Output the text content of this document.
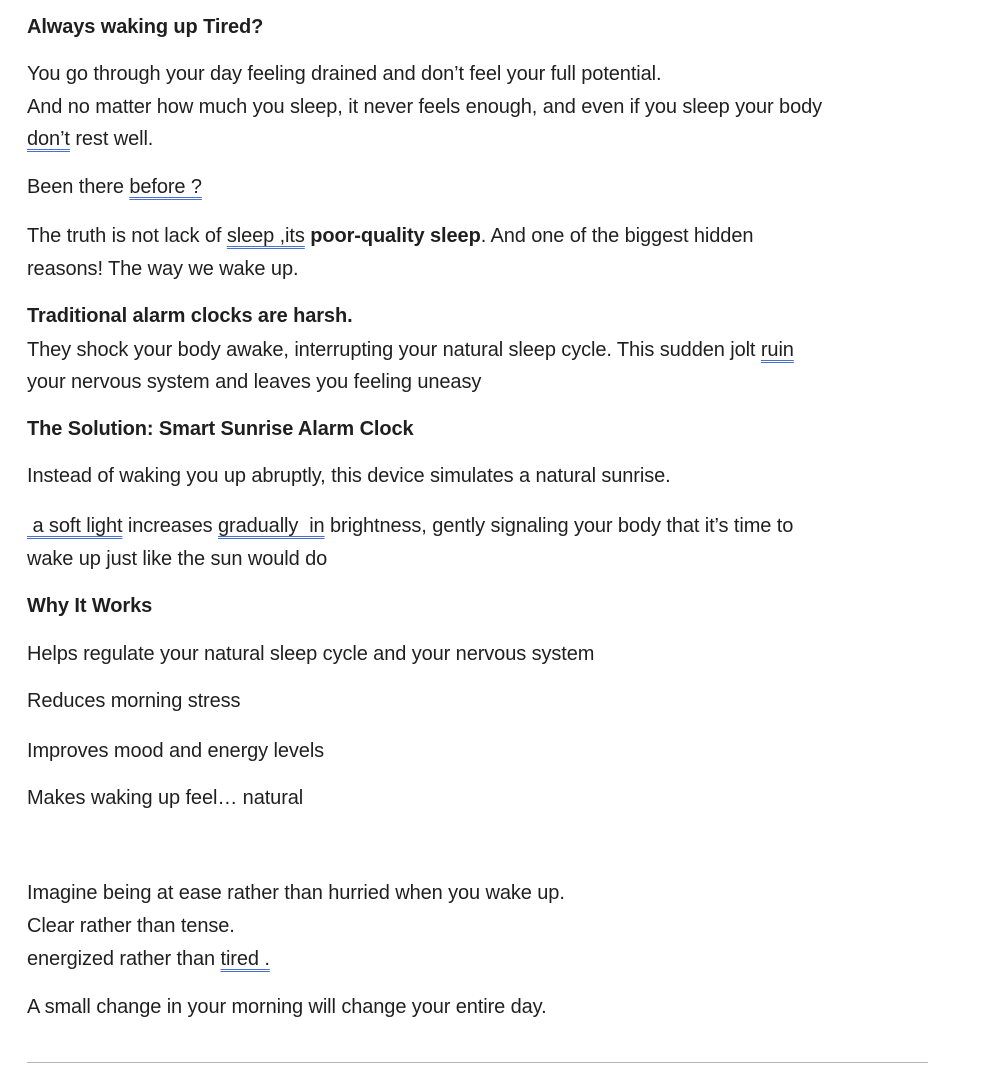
Always waking up Tired?
You go through your day feeling drained and don’t feel your full potential.
And no matter how much you sleep, it never feels enough, and even if you sleep your body
don’t rest well.
Been there before ?
The truth is not lack of sleep ,its poor-quality sleep. And one of the biggest hidden
reasons! The way we wake up.
Traditional alarm clocks are harsh.
They shock your body awake, interrupting your natural sleep cycle. This sudden jolt ruin
your nervous system and leaves you feeling uneasy
The Solution: Smart Sunrise Alarm Clock
Instead of waking you up abruptly, this device simulates a natural sunrise.
a soft light increases gradually  in brightness, gently signaling your body that it’s time to
wake up just like the sun would do
Why It Works
Helps regulate your natural sleep cycle and your nervous system
Reduces morning stress
Improves mood and energy levels
Makes waking up feel… natural
Imagine being at ease rather than hurried when you wake up.
Clear rather than tense.
energized rather than tired .
A small change in your morning will change your entire day.
